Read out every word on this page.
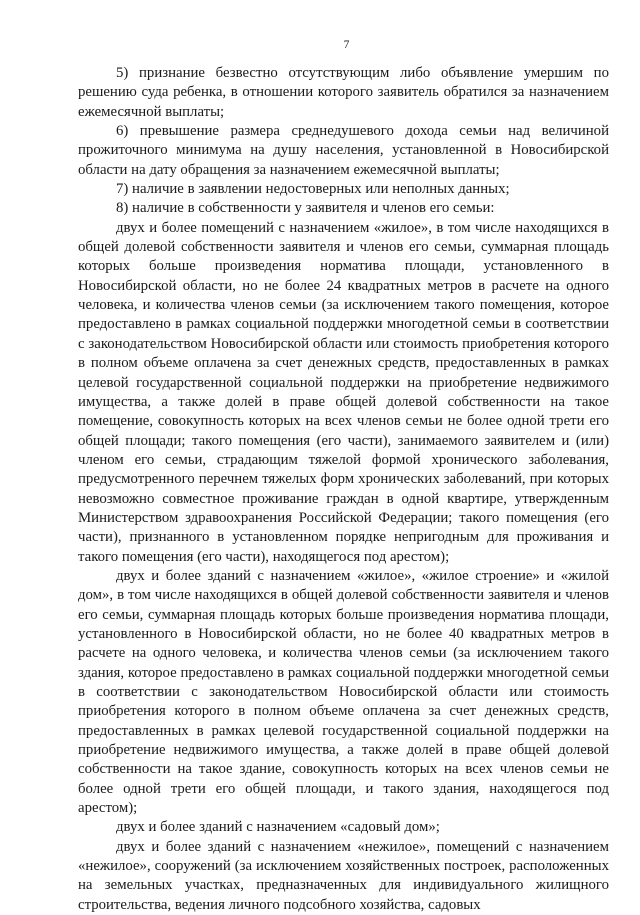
7

5) признание безвестно отсутствующим либо объявление умершим по решению суда ребенка, в отношении которого заявитель обратился за назначением ежемесячной выплаты;

6) превышение размера среднедушевого дохода семьи над величиной прожиточного минимума на душу населения, установленной в Новосибирской области на дату обращения за назначением ежемесячной выплаты;

7) наличие в заявлении недостоверных или неполных данных;

8) наличие в собственности у заявителя и членов его семьи:

двух и более помещений с назначением «жилое», в том числе находящихся в общей долевой собственности заявителя и членов его семьи, суммарная площадь которых больше произведения норматива площади, установленного в Новосибирской области, но не более 24 квадратных метров в расчете на одного человека, и количества членов семьи (за исключением такого помещения, которое предоставлено в рамках социальной поддержки многодетной семьи в соответствии с законодательством Новосибирской области или стоимость приобретения которого в полном объеме оплачена за счет денежных средств, предоставленных в рамках целевой государственной социальной поддержки на приобретение недвижимого имущества, а также долей в праве общей долевой собственности на такое помещение, совокупность которых на всех членов семьи не более одной трети его общей площади; такого помещения (его части), занимаемого заявителем и (или) членом его семьи, страдающим тяжелой формой хронического заболевания, предусмотренного перечнем тяжелых форм хронических заболеваний, при которых невозможно совместное проживание граждан в одной квартире, утвержденным Министерством здравоохранения Российской Федерации; такого помещения (его части), признанного в установленном порядке непригодным для проживания и такого помещения (его части), находящегося под арестом);

двух и более зданий с назначением «жилое», «жилое строение» и «жилой дом», в том числе находящихся в общей долевой собственности заявителя и членов его семьи, суммарная площадь которых больше произведения норматива площади, установленного в Новосибирской области, но не более 40 квадратных метров в расчете на одного человека, и количества членов семьи (за исключением такого здания, которое предоставлено в рамках социальной поддержки многодетной семьи в соответствии с законодательством Новосибирской области или стоимость приобретения которого в полном объеме оплачена за счет денежных средств, предоставленных в рамках целевой государственной социальной поддержки на приобретение недвижимого имущества, а также долей в праве общей долевой собственности на такое здание, совокупность которых на всех членов семьи не более одной трети его общей площади, и такого здания, находящегося под арестом);

двух и более зданий с назначением «садовый дом»;

двух и более зданий с назначением «нежилое», помещений с назначением «нежилое», сооружений (за исключением хозяйственных построек, расположенных на земельных участках, предназначенных для индивидуального жилищного строительства, ведения личного подсобного хозяйства, садовых
